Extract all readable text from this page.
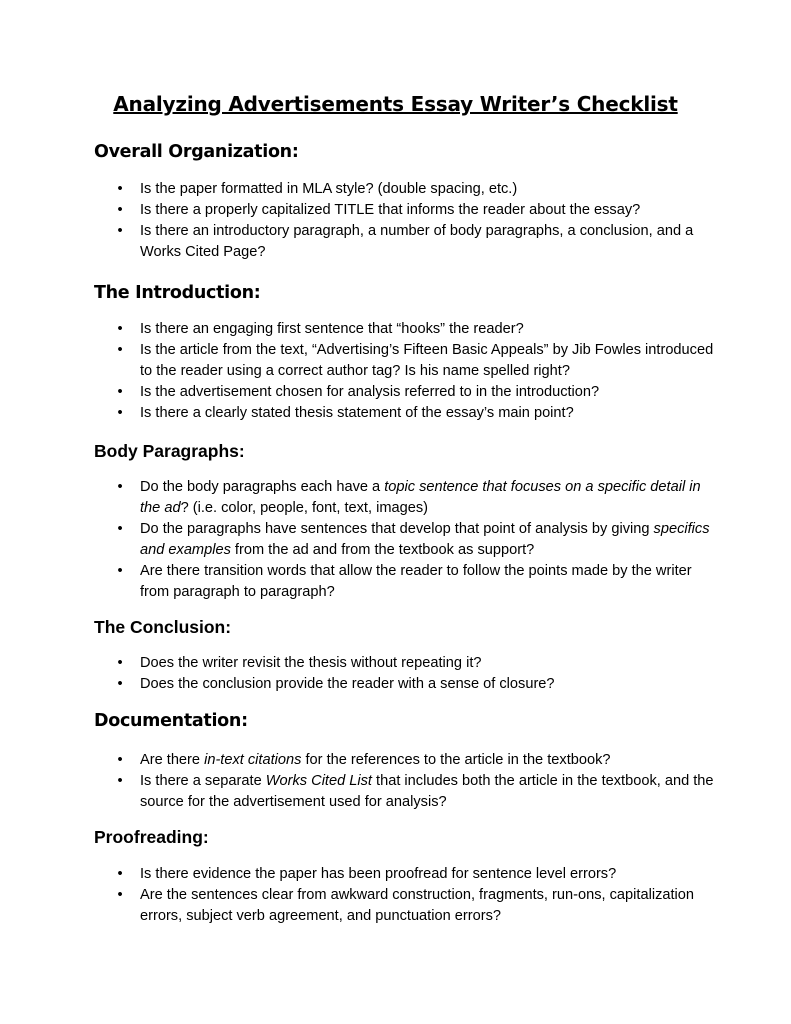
Analyzing Advertisements Essay Writer’s Checklist
Overall Organization:
• Is the paper formatted in MLA style? (double spacing, etc.)
• Is there a properly capitalized TITLE that informs the reader about the essay?
• Is there an introductory paragraph, a number of body paragraphs, a conclusion, and a Works Cited Page?
The Introduction:
• Is there an engaging first sentence that “hooks” the reader?
• Is the article from the text, “Advertising’s Fifteen Basic Appeals” by Jib Fowles introduced to the reader using a correct author tag? Is his name spelled right?
• Is the advertisement chosen for analysis referred to in the introduction?
• Is there a clearly stated thesis statement of the essay’s main point?
Body Paragraphs:
• Do the body paragraphs each have a topic sentence that focuses on a specific detail in the ad? (i.e. color, people, font, text, images)
• Do the paragraphs have sentences that develop that point of analysis by giving specifics and examples from the ad and from the textbook as support?
• Are there transition words that allow the reader to follow the points made by the writer from paragraph to paragraph?
The Conclusion:
• Does the writer revisit the thesis without repeating it?
• Does the conclusion provide the reader with a sense of closure?
Documentation:
• Are there in-text citations for the references to the article in the textbook?
• Is there a separate Works Cited List that includes both the article in the textbook, and the source for the advertisement used for analysis?
Proofreading:
• Is there evidence the paper has been proofread for sentence level errors?
• Are the sentences clear from awkward construction, fragments, run-ons, capitalization errors, subject verb agreement, and punctuation errors?
